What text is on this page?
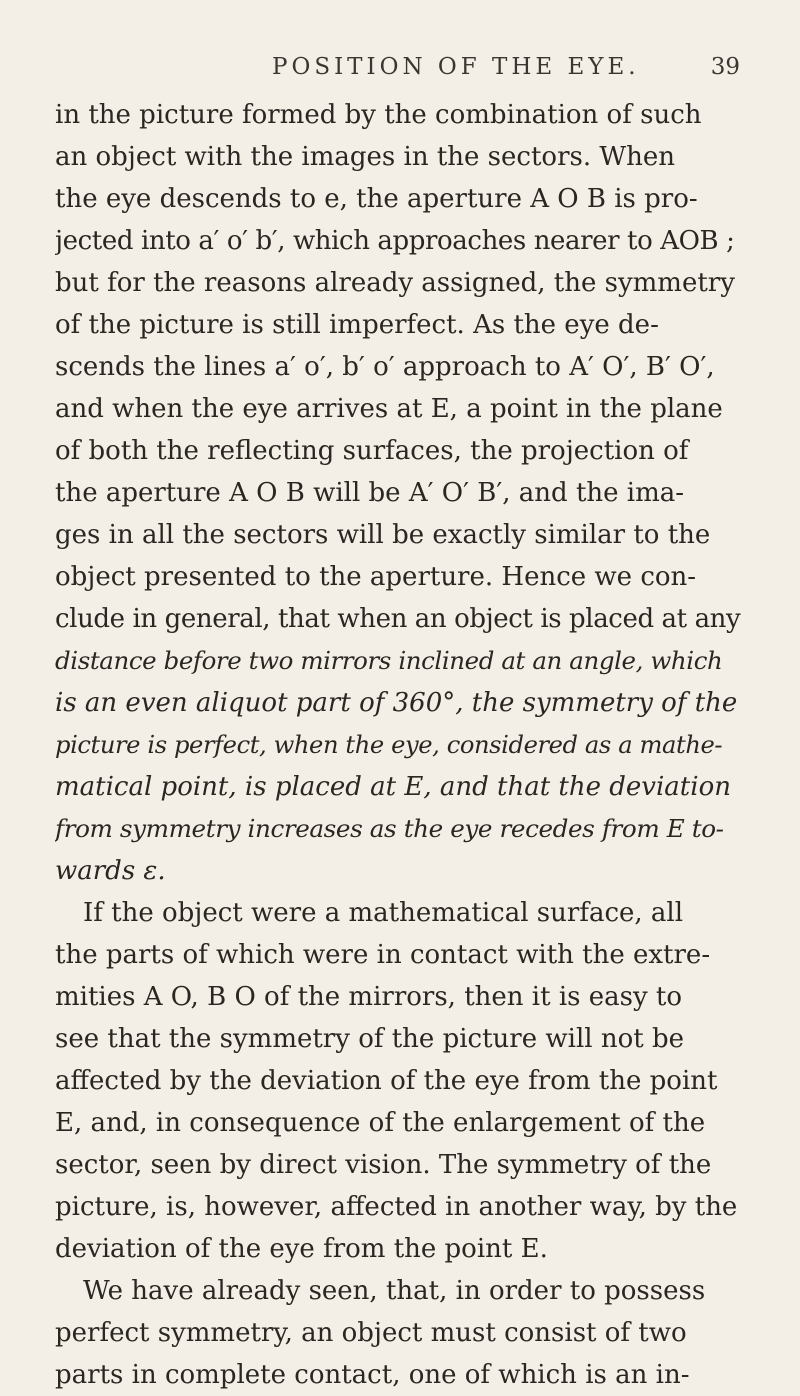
POSITION OF THE EYE.	39
in the picture formed by the combination of such
an object with the images in the sectors. When
the eye descends to e, the aperture A O B is pro-
jected into a′ o′ b′, which approaches nearer to AOB ;
but for the reasons already assigned, the symmetry
of the picture is still imperfect. As the eye de-
scends the lines a′ o′, b′ o′ approach to A′ O′, B′ O′,
and when the eye arrives at E, a point in the plane
of both the reflecting surfaces, the projection of
the aperture A O B will be A′ O′ B′, and the ima-
ges in all the sectors will be exactly similar to the
object presented to the aperture. Hence we con-
clude in general, that when an object is placed at any
distance before two mirrors inclined at an angle, which
is an even aliquot part of 360°, the symmetry of the
picture is perfect, when the eye, considered as a mathe-
matical point, is placed at E, and that the deviation
from symmetry increases as the eye recedes from E to-
wards ε.
If the object were a mathematical surface, all
the parts of which were in contact with the extre-
mities A O, B O of the mirrors, then it is easy to
see that the symmetry of the picture will not be
affected by the deviation of the eye from the point
E, and, in consequence of the enlargement of the
sector, seen by direct vision. The symmetry of the
picture, is, however, affected in another way, by the
deviation of the eye from the point E.
We have already seen, that, in order to possess
perfect symmetry, an object must consist of two
parts in complete contact, one of which is an in-
